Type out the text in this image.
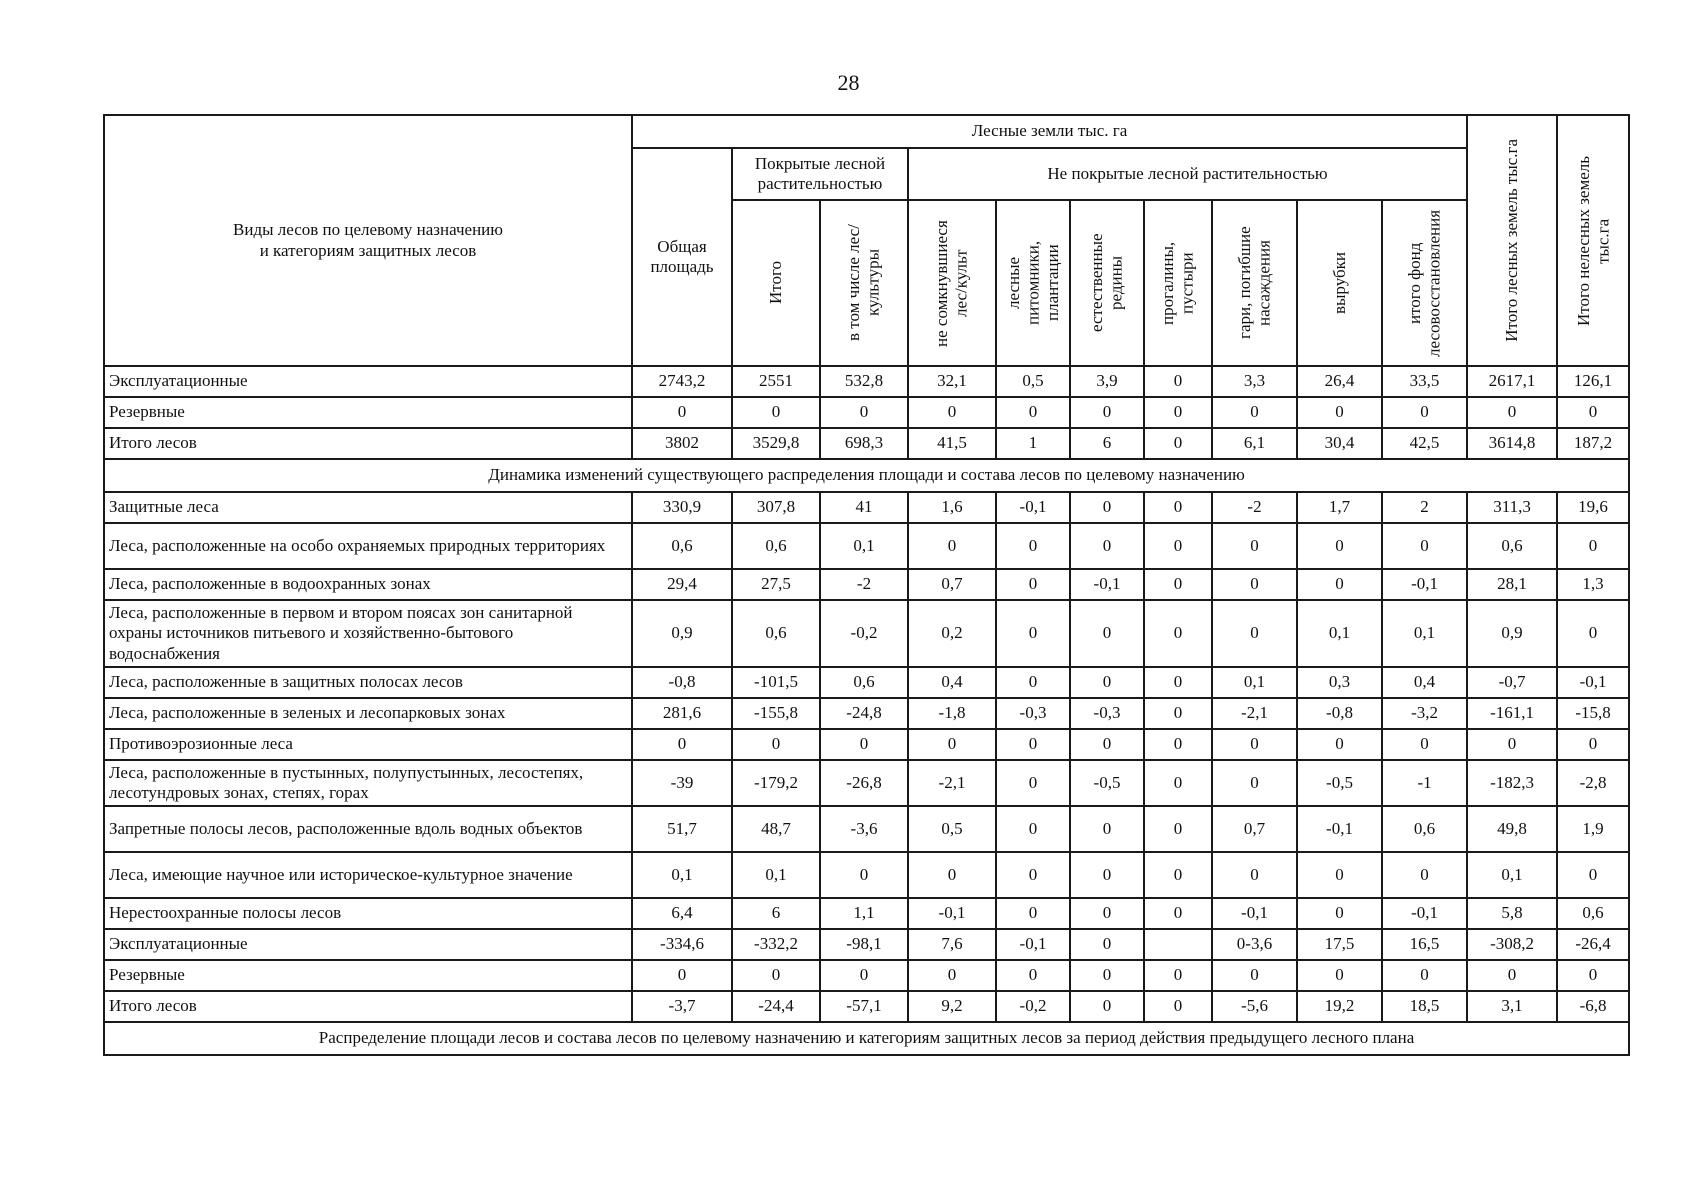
28
Виды лесов по целевому назначению
и категориям защитных лесов	Лесные земли тыс. га										Итого лесных земель тыс.га	Итого нелесных земель
тыс.га

	Общая площадь	Покрытые лесной растительностью		Не покрытые лесной растительностью								

		Итого	в том числе лес/культуры	не сомкнувшиеся лес/культ	лесные питомники, плантации	естественные редины	прогалины, пустыри	гари, погибшие насаждения	вырубки	итого фонд лесовосстановления		

Эксплуатационные	2743,2	2551	532,8	32,1	0,5	3,9	0	3,3	26,4	33,5	2617,1	126,1
Резервные	0	0	0	0	0	0	0	0	0	0	0	0
Итого лесов	3802	3529,8	698,3	41,5	1	6	0	6,1	30,4	42,5	3614,8	187,2
Динамика изменений существующего распределения площади и состава лесов по целевому назначению												
Защитные леса	330,9	307,8	41	1,6	-0,1	0	0	-2	1,7	2	311,3	19,6
Леса, расположенные на особо охраняемых природных территориях	0,6	0,6	0,1	0	0	0	0	0	0	0	0,6	0
Леса, расположенные в водоохранных зонах	29,4	27,5	-2	0,7	0	-0,1	0	0	0	-0,1	28,1	1,3
Леса, расположенные в первом и втором поясах зон санитарной охраны источников питьевого и хозяйственно-бытового водоснабжения	0,9	0,6	-0,2	0,2	0	0	0	0	0,1	0,1	0,9	0
Леса, расположенные в защитных полосах лесов	-0,8	-101,5	0,6	0,4	0	0	0	0,1	0,3	0,4	-0,7	-0,1
Леса, расположенные в зеленых и лесопарковых зонах	281,6	-155,8	-24,8	-1,8	-0,3	-0,3	0	-2,1	-0,8	-3,2	-161,1	-15,8
Противоэрозионные леса	0	0	0	0	0	0	0	0	0	0	0	0
Леса, расположенные в пустынных, полупустынных, лесостепях, лесотундровых зонах, степях, горах	-39	-179,2	-26,8	-2,1	0	-0,5	0	0	-0,5	-1	-182,3	-2,8
Запретные полосы лесов, расположенные вдоль водных объектов	51,7	48,7	-3,6	0,5	0	0	0	0,7	-0,1	0,6	49,8	1,9
Леса, имеющие научное или историческое-культурное значение	0,1	0,1	0	0	0	0	0	0	0	0	0,1	0
Нерестоохранные полосы лесов	6,4	6	1,1	-0,1	0	0	0	-0,1	0	-0,1	5,8	0,6
Эксплуатационные	-334,6	-332,2	-98,1	7,6	-0,1	0		0-3,6	17,5	16,5	-308,2	-26,4
Резервные	0	0	0	0	0	0	0	0	0	0	0	0
Итого лесов	-3,7	-24,4	-57,1	9,2	-0,2	0	0	-5,6	19,2	18,5	3,1	-6,8
Распределение площади лесов и состава лесов по целевому назначению и категориям защитных лесов за период действия предыдущего лесного плана												
